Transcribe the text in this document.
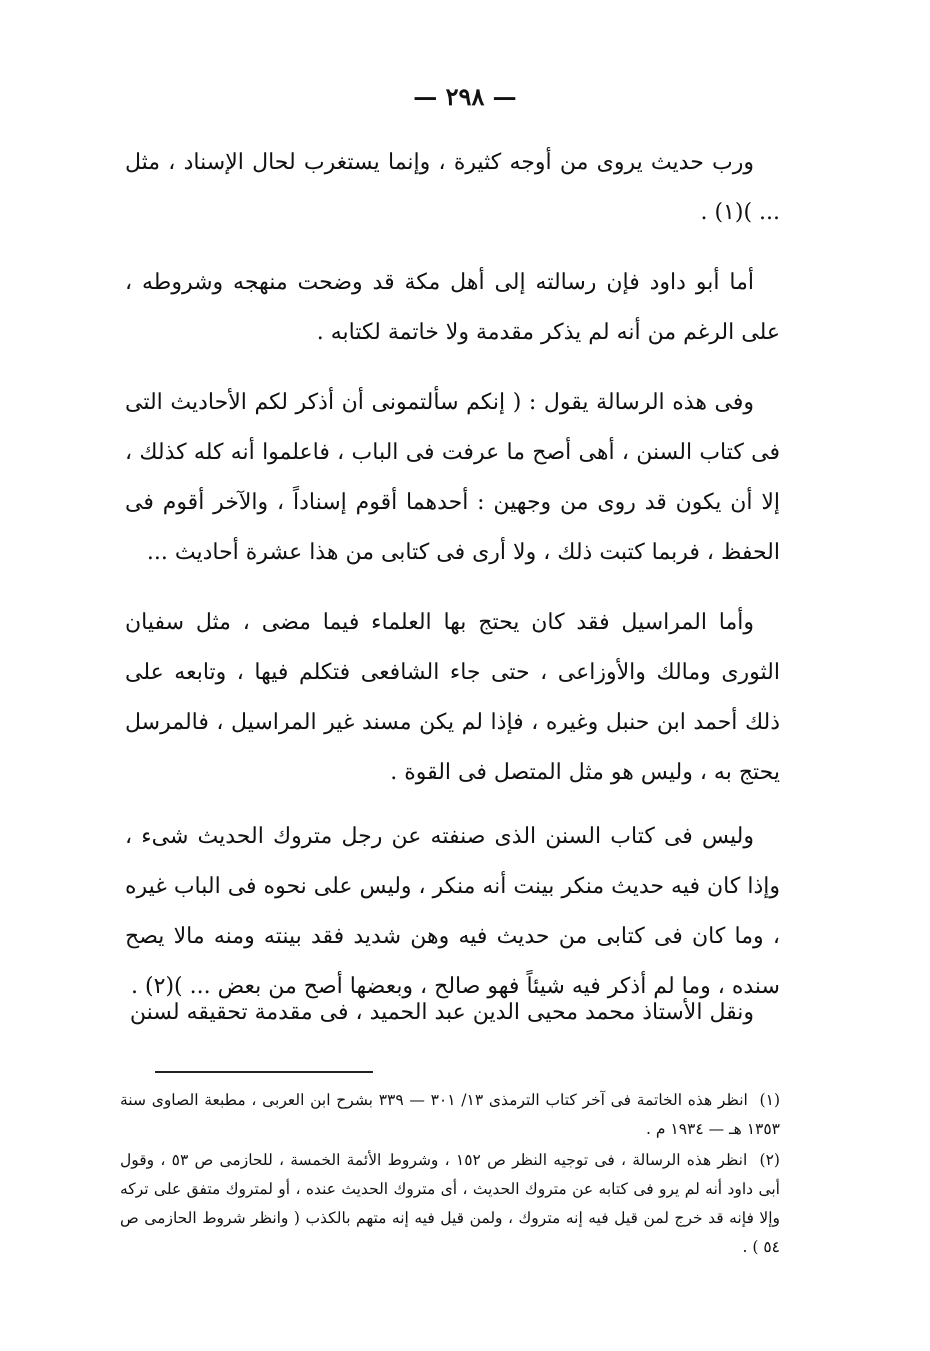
— ٢٩٨ —

ورب حديث يروى من أوجه كثيرة ، وإنما يستغرب لحال الإسناد ، مثل ... )(١) .

أما أبو داود فإن رسالته إلى أهل مكة قد وضحت منهجه وشروطه ، على الرغم من أنه لم يذكر مقدمة ولا خاتمة لكتابه .

وفى هذه الرسالة يقول : ( إنكم سألتمونى أن أذكر لكم الأحاديث التى فى كتاب السنن ، أهى أصح ما عرفت فى الباب ، فاعلموا أنه كله كذلك ، إلا أن يكون قد روى من وجهين : أحدهما أقوم إسناداً ، والآخر أقوم فى الحفظ ، فربما كتبت ذلك ، ولا أرى فى كتابى من هذا عشرة أحاديث ...

وأما المراسيل فقد كان يحتج بها العلماء فيما مضى ، مثل سفيان الثورى ومالك والأوزاعى ، حتى جاء الشافعى فتكلم فيها ، وتابعه على ذلك أحمد ابن حنبل وغيره ، فإذا لم يكن مسند غير المراسيل ، فالمرسل يحتج به ، وليس هو مثل المتصل فى القوة .

وليس فى كتاب السنن الذى صنفته عن رجل متروك الحديث شىء ، وإذا كان فيه حديث منكر بينت أنه منكر ، وليس على نحوه فى الباب غيره ، وما كان فى كتابى من حديث فيه وهن شديد فقد بينته ومنه مالا يصح سنده ، وما لم أذكر فيه شيئاً فهو صالح ، وبعضها أصح من بعض ... )(٢) .

ونقل الأستاذ محمد محيى الدين عبد الحميد ، فى مقدمة تحقيقه لسنن

(١) انظر هذه الخاتمة فى آخر كتاب الترمذى ١٣/ ٣٠١ — ٣٣٩ بشرح ابن العربى ، مطبعة الصاوى سنة ١٣٥٣ هـ — ١٩٣٤ م .

(٢) انظر هذه الرسالة ، فى توجيه النظر ص ١٥٢ ، وشروط الأئمة الخمسة ، للحازمى ص ٥٣ ، وقول أبى داود أنه لم يرو فى كتابه عن متروك الحديث ، أى متروك الحديث عنده ، أو لمتروك متفق على تركه وإلا فإنه قد خرج لمن قيل فيه إنه متروك ، ولمن قيل فيه إنه متهم بالكذب ( وانظر شروط الحازمى ص ٥٤ ) .
